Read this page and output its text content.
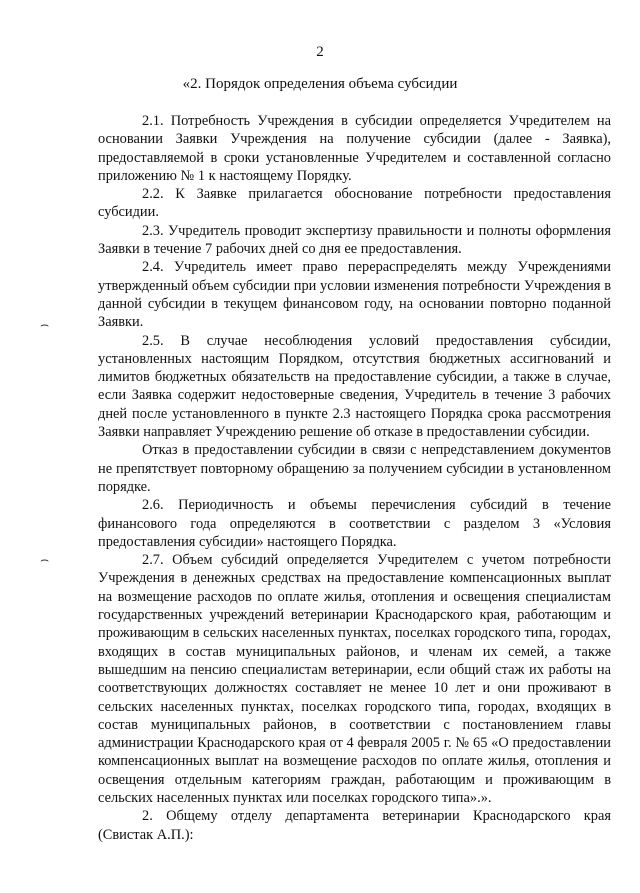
2
«2. Порядок определения объема субсидии
⌢
⌢

2.1. Потребность Учреждения в субсидии определяется Учредителем на основании Заявки Учреждения на получение субсидии (далее - Заявка), предоставляемой в сроки установленные Учредителем и составленной согласно приложению № 1 к настоящему Порядку.

2.2. К Заявке прилагается обоснование потребности предоставления субсидии.

2.3. Учредитель проводит экспертизу правильности и полноты оформления Заявки в течение 7 рабочих дней со дня ее предоставления.

2.4. Учредитель имеет право перераспределять между Учреждениями утвержденный объем субсидии при условии изменения потребности Учреждения в данной субсидии в текущем финансовом году, на основании повторно поданной Заявки.

2.5. В случае несоблюдения условий предоставления субсидии, установленных настоящим Порядком, отсутствия бюджетных ассигнований и лимитов бюджетных обязательств на предоставление субсидии, а также в случае, если Заявка содержит недостоверные сведения, Учредитель в течение 3 рабочих дней после установленного в пункте 2.3 настоящего Порядка срока рассмотрения Заявки направляет Учреждению решение об отказе в предоставлении субсидии.

Отказ в предоставлении субсидии в связи с непредставлением документов не препятствует повторному обращению за получением субсидии в установленном порядке.

2.6. Периодичность и объемы перечисления субсидий в течение финансового года определяются в соответствии с разделом 3 «Условия предоставления субсидии» настоящего Порядка.

2.7. Объем субсидий определяется Учредителем с учетом потребности Учреждения в денежных средствах на предоставление компенсационных выплат на возмещение расходов по оплате жилья, отопления и освещения специалистам государственных учреждений ветеринарии Краснодарского края, работающим и проживающим в сельских населенных пунктах, поселках городского типа, городах, входящих в состав муниципальных районов, и членам их семей, а также вышедшим на пенсию специалистам ветеринарии, если общий стаж их работы на соответствующих должностях составляет не менее 10 лет и они проживают в сельских населенных пунктах, поселках городского типа, городах, входящих в состав муниципальных районов, в соответствии с постановлением главы администрации Краснодарского края от 4 февраля 2005 г. № 65 «О предоставлении компенсационных выплат на возмещение расходов по оплате жилья, отопления и освещения отдельным категориям граждан, работающим и проживающим в сельских населенных пунктах или поселках городского типа».».

2. Общему отделу департамента ветеринарии Краснодарского края (Свистак А.П.):
